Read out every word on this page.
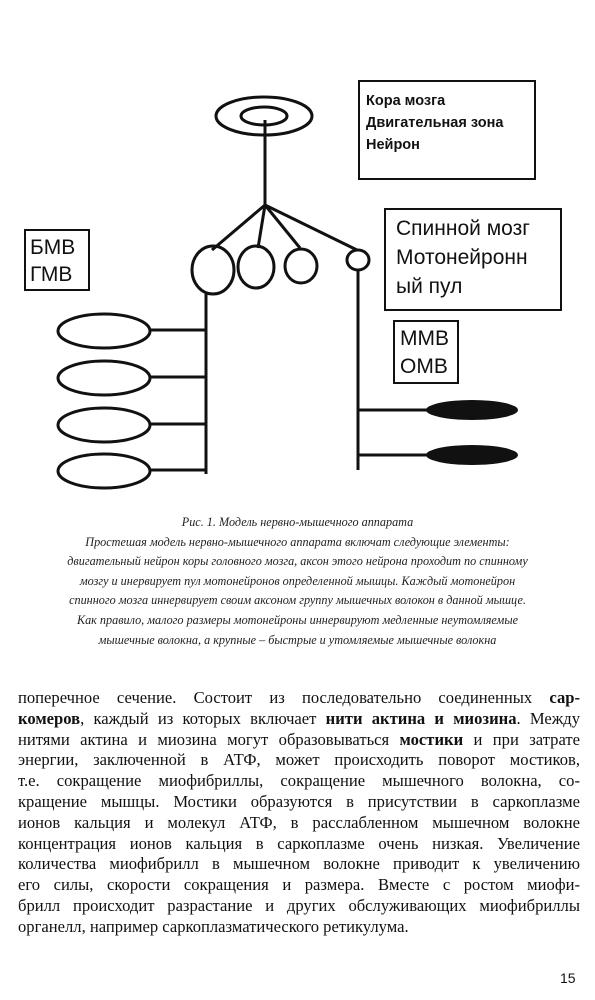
Кора мозга
Двигательная зона
Нейрон
Спинной мозг
Мотонейронн
ый пул
БМВ
ГМВ
ММВ
ОМВ
Рис. 1. Модель нервно-мышечного аппарата
Простешая модель нервно-мышечного аппарата включат следующие элементы:
двигательный нейрон коры головного мозга, аксон этого нейрона проходит по спинному
мозгу и инервирует пул мотонейронов определенной мышцы. Каждый мотонейрон
спинного мозга иннервирует своим аксоном группу мышечных волокон в данной мышце.
Как правило, малого размеры мотонейроны иннервируют медленные неутомляемые
мышечные волокна, а крупные – быстрые и утомляемые мышечные волокна
поперечное сечение. Состоит из последовательно соединенных сар-
комеров, каждый из которых включает нити актина и миозина. Между
нитями актина и миозина могут образовываться мостики и при затрате
энергии, заключенной в АТФ, может происходить поворот мостиков,
т.е. сокращение миофибриллы, сокращение мышечного волокна, со-
кращение мышцы. Мостики образуются в присутствии в саркоплазме
ионов кальция и молекул АТФ, в расслабленном мышечном волокне
концентрация ионов кальция в саркоплазме очень низкая. Увеличение
количества миофибрилл в мышечном волокне приводит к увеличению
его силы, скорости сокращения и размера. Вместе с ростом миофи-
брилл происходит разрастание и других обслуживающих миофибриллы
органелл, например саркоплазматического ретикулума.
15
